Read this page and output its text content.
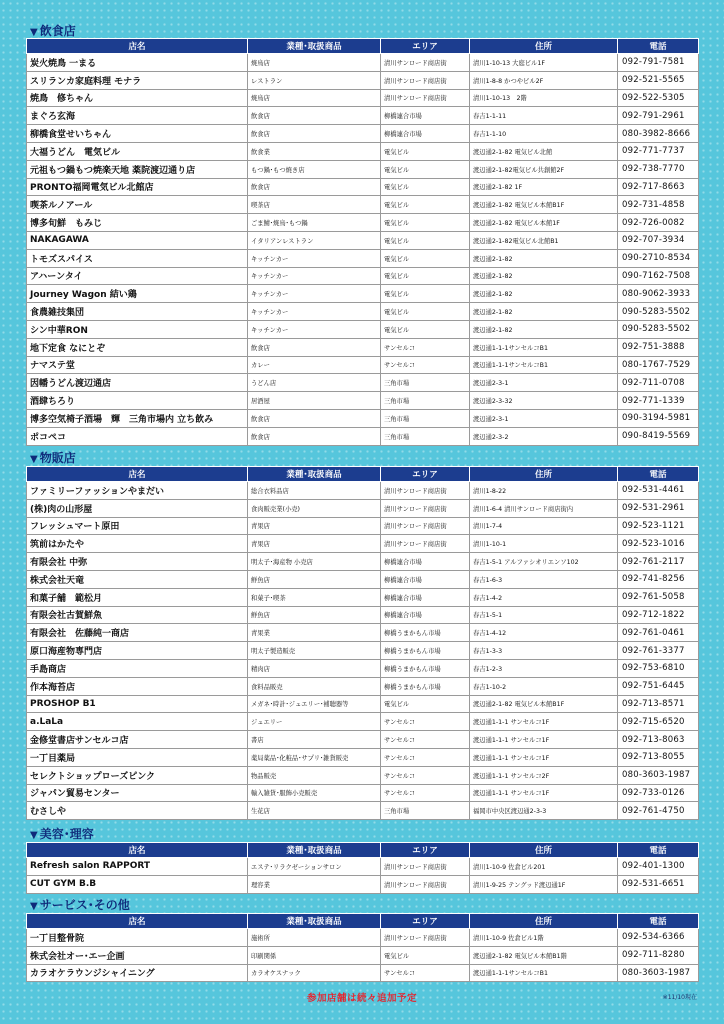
▼ 飲食店
店名	業種･取扱商品	エリア	住所	電話
炭火焼鳥 一まる	焼鳥店	清川サンロード商店街	清川1-10-13 大庭ビル1F	092-791-7581
スリランカ家庭料理 モナラ	レストラン	清川サンロード商店街	清川1-8-8 かつやビル2F	092-521-5565
焼鳥　修ちゃん	焼鳥店	清川サンロード商店街	清川1-10-13　2階	092-522-5305
まぐろ玄海	飲食店	柳橋連合市場	春吉1-1-11	092-791-2961
柳橋食堂せいちゃん	飲食店	柳橋連合市場	春吉1-1-10	080-3982-8666
大福うどん　電気ビル	飲食業	電気ビル	渡辺通2-1-82 電気ビル北館	092-771-7737
元祖もつ鍋もつ焼楽天地 薬院渡辺通り店	もつ鍋･もつ焼き店	電気ビル	渡辺通2-1-82電気ビル共創館2F	092-738-7770
PRONTO福岡電気ビル北館店	飲食店	電気ビル	渡辺通2-1-82 1F	092-717-8663
喫茶ルノアール	喫茶店	電気ビル	渡辺通2-1-82 電気ビル本館B1F	092-731-4858
博多旬鮮　もみじ	ごま鯖･焼鳥･もつ鍋	電気ビル	渡辺通2-1-82 電気ビル本館1F	092-726-0082
NAKAGAWA	イタリアンレストラン	電気ビル	渡辺通2-1-82電気ビル北館B1	092-707-3934
トモズスパイス	キッチンカー	電気ビル	渡辺通2-1-82	090-2710-8534
アハーンタイ	キッチンカー	電気ビル	渡辺通2-1-82	090-7162-7508
Journey Wagon 結い鶏	キッチンカー	電気ビル	渡辺通2-1-82	080-9062-3933
食農雑技集団	キッチンカー	電気ビル	渡辺通2-1-82	090-5283-5502
シン中華RON	キッチンカー	電気ビル	渡辺通2-1-82	090-5283-5502
地下定食 なにとぞ	飲食店	サンセルコ	渡辺通1-1-1サンセルコB1	092-751-3888
ナマステ堂	カレー	サンセルコ	渡辺通1-1-1サンセルコB1	080-1767-7529
因幡うどん渡辺通店	うどん店	三角市場	渡辺通2-3-1	092-711-0708
酒肆ちろり	居酒屋	三角市場	渡辺通2-3-32	092-771-1339
博多空気椅子酒場　輝　三角市場内 立ち飲み	飲食店	三角市場	渡辺通2-3-1	090-3194-5981
ポコペコ	飲食店	三角市場	渡辺通2-3-2	090-8419-5569
▼ 物販店
店名	業種･取扱商品	エリア	住所	電話
ファミリーファッションやまだい	総合衣料品店	清川サンロード商店街	清川1-8-22	092-531-4461
(株)肉の山形屋	食肉販売業(小売)	清川サンロード商店街	清川1-6-4 清川サンロード商店街内	092-531-2961
フレッシュマート原田	青果店	清川サンロード商店街	清川1-7-4	092-523-1121
筑前はかたや	青果店	清川サンロード商店街	清川1-10-1	092-523-1016
有限会社 中弥	明太子･海産物 小売店	柳橋連合市場	春吉1-5-1 アルファシオリエンソ102	092-761-2117
株式会社天竜	鮮魚店	柳橋連合市場	春吉1-6-3	092-741-8256
和菓子舗　範松月	和菓子･喫茶	柳橋連合市場	春吉1-4-2	092-761-5058
有限会社古賀鮮魚	鮮魚店	柳橋連合市場	春吉1-5-1	092-712-1822
有限会社　佐藤純一商店	青果業	柳橋うまかもん市場	春吉1-4-12	092-761-0461
原口海産物専門店	明太子製造販売	柳橋うまかもん市場	春吉1-3-3	092-761-3377
手島商店	精肉店	柳橋うまかもん市場	春吉1-2-3	092-753-6810
作本海苔店	食料品販売	柳橋うまかもん市場	春吉1-10-2	092-751-6445
PROSHOP B1	メガネ･時計･ジュエリー･補聴器等	電気ビル	渡辺通2-1-82 電気ビル本館B1F	092-713-8571
a.LaLa	ジュエリー	サンセルコ	渡辺通1-1-1 サンセルコ1F	092-715-6520
金修堂書店サンセルコ店	書店	サンセルコ	渡辺通1-1-1 サンセルコ1F	092-713-8063
一丁目薬局	薬局薬品･化粧品･サプリ･雑貨販売	サンセルコ	渡辺通1-1-1 サンセルコ1F	092-713-8055
セレクトショップローズピンク	物品販売	サンセルコ	渡辺通1-1-1 サンセルコ2F	080-3603-1987
ジャパン貿易センター	輸入雑貨･服飾小売販売	サンセルコ	渡辺通1-1-1 サンセルコ1F	092-733-0126
むさしや	生花店	三角市場	福岡市中央区渡辺通2-3-3	092-761-4750
▼ 美容･理容
店名	業種･取扱商品	エリア	住所	電話
Refresh salon RAPPORT	エステ･リラクゼーションサロン	清川サンロード商店街	清川1-10-9 佐倉ビル201	092-401-1300
CUT GYM B.B	理容業	清川サンロード商店街	清川1-9-25 テングッド渡辺通1F	092-531-6651
▼ サービス･その他
店名	業種･取扱商品	エリア	住所	電話
一丁目整骨院	施術所	清川サンロード商店街	清川1-10-9 佐倉ビル1階	092-534-6366
株式会社オー･エー企画	印刷関係	電気ビル	渡辺通2-1-82 電気ビル本館B1階	092-711-8280
カラオケラウンジシャイニング	カラオケスナック	サンセルコ	渡辺通1-1-1サンセルコB1	080-3603-1987
参加店舗は続々追加予定	※11/10現在
